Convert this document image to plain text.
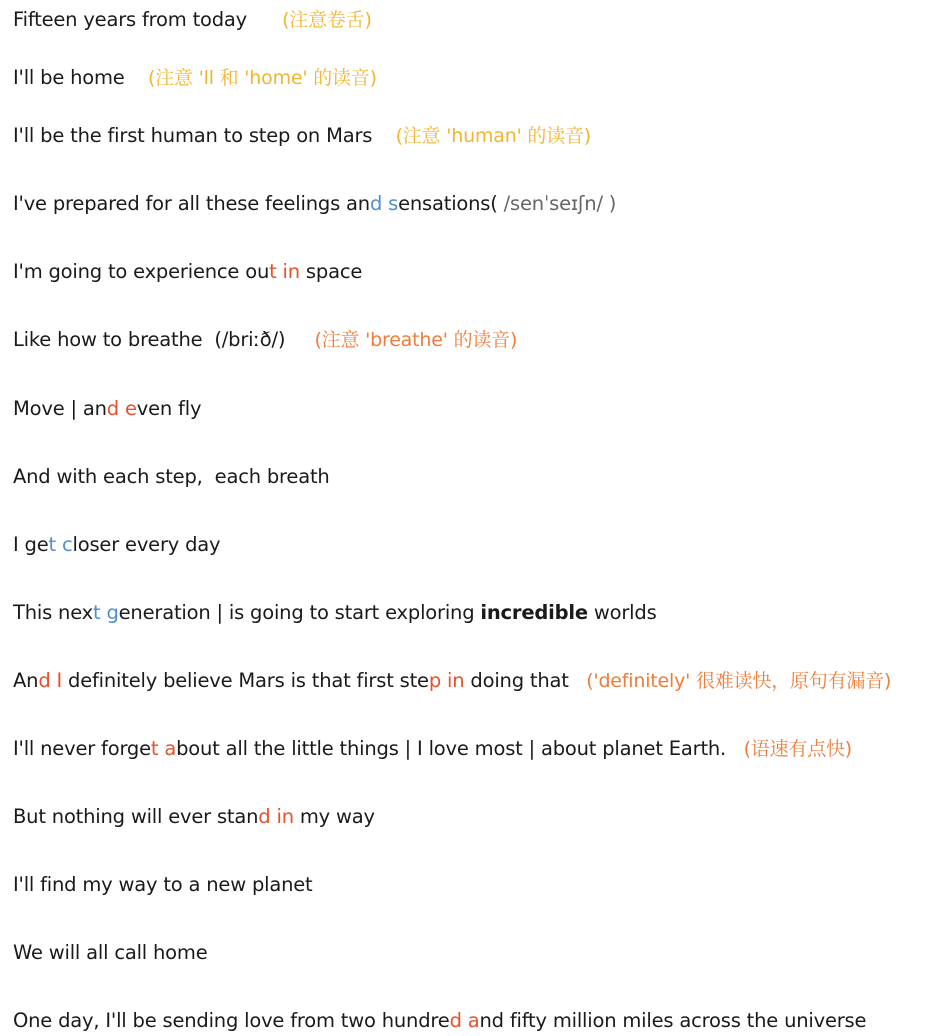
Fifteen years from today      (注意卷舌)
I'll be home    (注意 'll 和 'home' 的读音)
I'll be the first human to step on Mars    (注意 'human' 的读音)
I've prepared for all these feelings and sensations( /senˈseɪʃn/ )
I'm going to experience out in space
Like how to breathe  (/briːð/)     (注意 'breathe' 的读音)
Move | and even fly
And with each step,  each breath
I get closer every day
This next generation | is going to start exploring incredible worlds
And I definitely believe Mars is that first step in doing that   ('definitely' 很难读快，原句有漏音)
I'll never forget about all the little things | I love most | about planet Earth.   (语速有点快)
But nothing will ever stand in my way
I'll find my way to a new planet
We will all call home
One day, I'll be sending love from two hundred and fifty million miles across the universe
